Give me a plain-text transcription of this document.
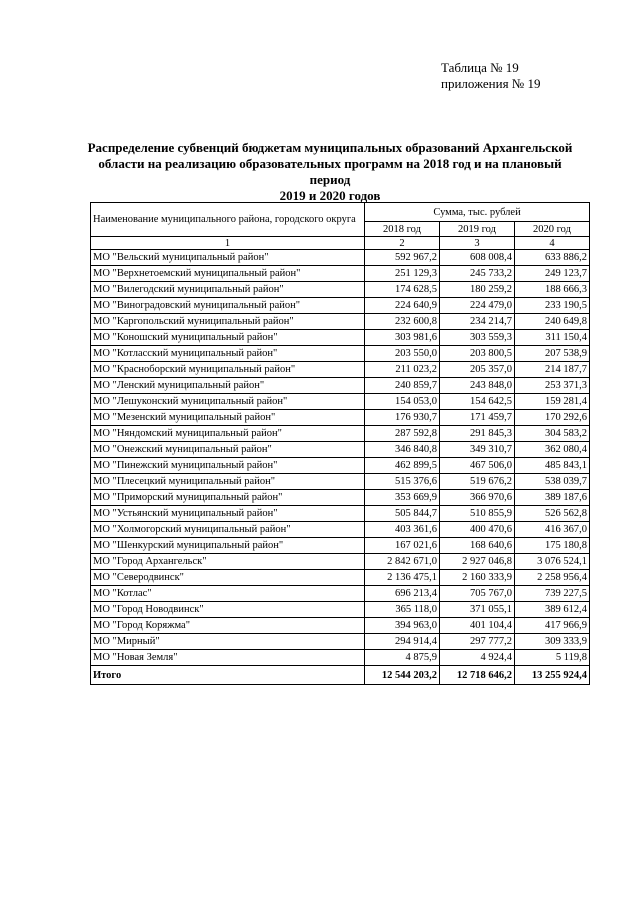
Таблица № 19
приложения № 19
Распределение субвенций бюджетам муниципальных образований Архангельской
области на реализацию образовательных программ на 2018 год и на плановый период
2019 и 2020 годов
Наименование муниципального района, городского округа	Сумма, тыс. рублей		
	2018 год	2019 год	2020 год
1	2	3	4
МО "Вельский муниципальный район"	592 967,2	608 008,4	633 886,2
МО "Верхнетоемский муниципальный район"	251 129,3	245 733,2	249 123,7
МО "Вилегодский муниципальный район"	174 628,5	180 259,2	188 666,3
МО "Виноградовский муниципальный район"	224 640,9	224 479,0	233 190,5
МО "Каргопольский муниципальный район"	232 600,8	234 214,7	240 649,8
МО "Коношский муниципальный район"	303 981,6	303 559,3	311 150,4
МО "Котласский муниципальный район"	203 550,0	203 800,5	207 538,9
МО "Красноборский муниципальный район"	211 023,2	205 357,0	214 187,7
МО "Ленский муниципальный район"	240 859,7	243 848,0	253 371,3
МО "Лешуконский муниципальный район"	154 053,0	154 642,5	159 281,4
МО "Мезенский муниципальный район"	176 930,7	171 459,7	170 292,6
МО "Няндомский муниципальный район"	287 592,8	291 845,3	304 583,2
МО "Онежский муниципальный район"	346 840,8	349 310,7	362 080,4
МО "Пинежский муниципальный район"	462 899,5	467 506,0	485 843,1
МО "Плесецкий муниципальный район"	515 376,6	519 676,2	538 039,7
МО "Приморский муниципальный район"	353 669,9	366 970,6	389 187,6
МО "Устьянский муниципальный район"	505 844,7	510 855,9	526 562,8
МО "Холмогорский муниципальный район"	403 361,6	400 470,6	416 367,0
МО "Шенкурский муниципальный район"	167 021,6	168 640,6	175 180,8
МО "Город Архангельск"	2 842 671,0	2 927 046,8	3 076 524,1
МО "Северодвинск"	2 136 475,1	2 160 333,9	2 258 956,4
МО "Котлас"	696 213,4	705 767,0	739 227,5
МО "Город Новодвинск"	365 118,0	371 055,1	389 612,4
МО "Город Коряжма"	394 963,0	401 104,4	417 966,9
МО "Мирный"	294 914,4	297 777,2	309 333,9
МО "Новая Земля"	4 875,9	4 924,4	5 119,8
Итого	12 544 203,2	12 718 646,2	13 255 924,4
